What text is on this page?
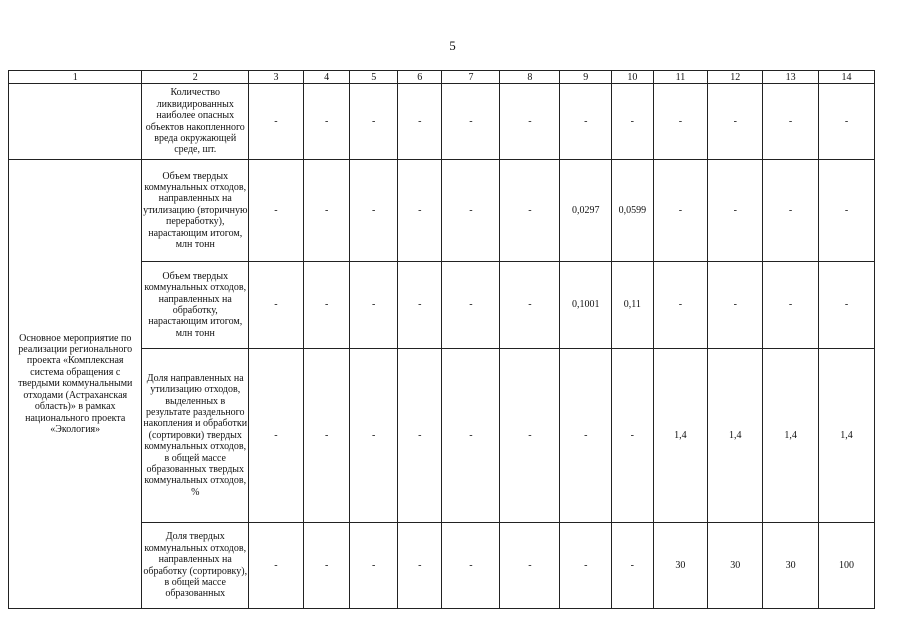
5
1	2	3	4	5	6	7	8	9	10	11	12	13	14
	Количество ликвидированных наиболее опасных объектов накопленного вреда окружающей среде, шт.	-	-	-	-	-	-	-	-	-	-	-	-
Основное мероприятие по реализации регионального проекта «Комплексная система обращения с твердыми коммунальными отходами (Астраханская область)» в рамках национального проекта «Экология»	Объем твердых коммунальных отходов, направленных на утилизацию (вторичную переработку), нарастающим итогом, млн тонн	-	-	-	-	-	-	0,0297	0,0599	-	-	-	-
	Объем твердых коммунальных отходов, направленных на обработку, нарастающим итогом, млн тонн	-	-	-	-	-	-	0,1001	0,11	-	-	-	-
	Доля направленных на утилизацию отходов, выделенных в результате раздельного накопления и обработки (сортировки) твердых коммунальных отходов, в общей массе образованных твердых коммунальных отходов, %	-	-	-	-	-	-	-	-	1,4	1,4	1,4	1,4
	Доля твердых коммунальных отходов, направленных на обработку (сортировку), в общей массе образованных	-	-	-	-	-	-	-	-	30	30	30	100
